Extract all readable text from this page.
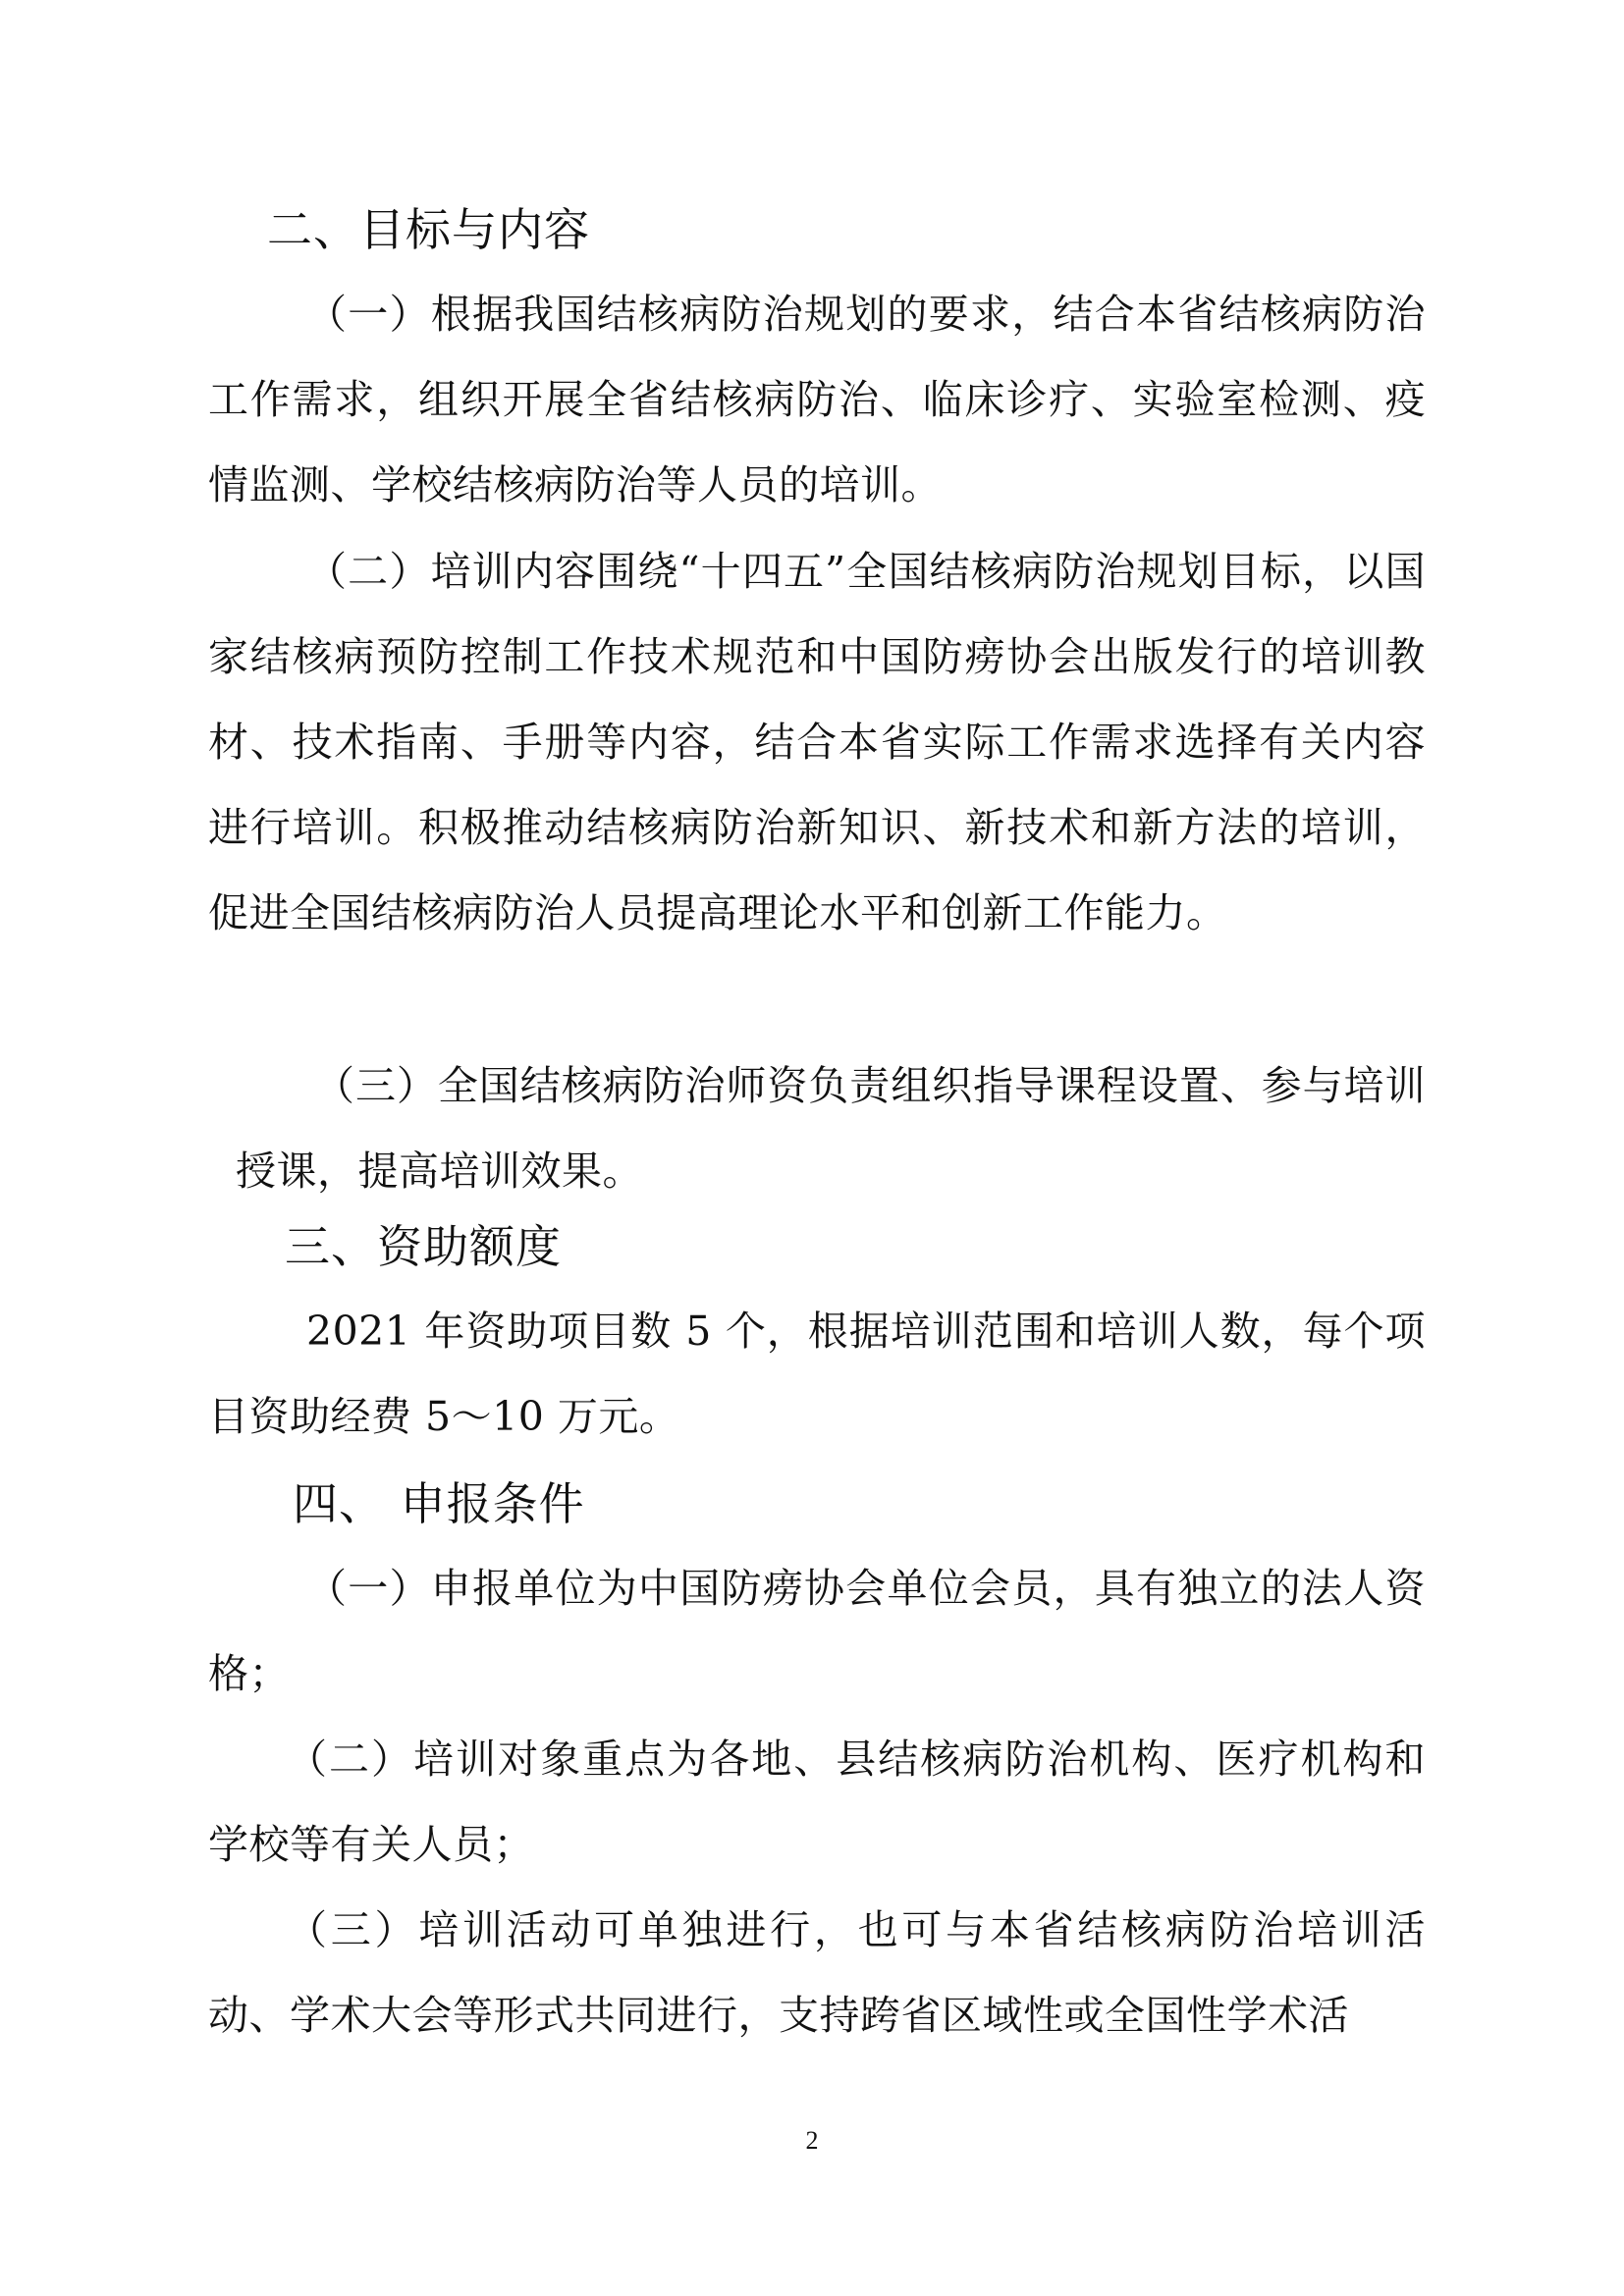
二、目标与内容

（一）根据我国结核病防治规划的要求，结合本省结核病防治工作需求，组织开展全省结核病防治、临床诊疗、实验室检测、疫情监测、学校结核病防治等人员的培训。

（二）培训内容围绕“十四五”全国结核病防治规划目标，以国家结核病预防控制工作技术规范和中国防痨协会出版发行的培训教材、技术指南、手册等内容，结合本省实际工作需求选择有关内容进行培训。积极推动结核病防治新知识、新技术和新方法的培训，促进全国结核病防治人员提高理论水平和创新工作能力。

（三）全国结核病防治师资负责组织指导课程设置、参与培训授课，提高培训效果。

三、资助额度

2021 年资助项目数 5 个，根据培训范围和培训人数，每个项目资助经费 5～10 万元。

四、 申报条件

（一）申报单位为中国防痨协会单位会员，具有独立的法人资格；

（二）培训对象重点为各地、县结核病防治机构、医疗机构和学校等有关人员；

（三）培训活动可单独进行，也可与本省结核病防治培训活动、学术大会等形式共同进行，支持跨省区域性或全国性学术活

2
